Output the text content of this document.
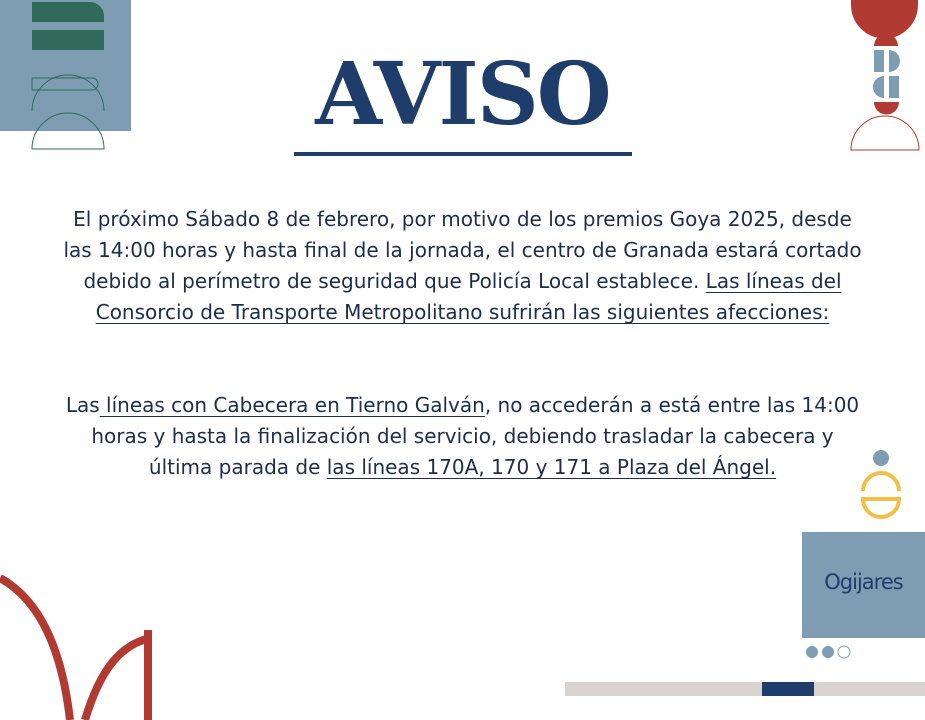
AVISO
El próximo Sábado 8 de febrero, por motivo de los premios Goya 2025, desde las 14:00 horas y hasta final de la jornada, el centro de Granada estará cortado debido al perímetro de seguridad que Policía Local establece. Las líneas del Consorcio de Transporte Metropolitano sufrirán las siguientes afecciones:
Las líneas con Cabecera en Tierno Galván, no accederán a está entre las 14:00 horas y hasta la finalización del servicio, debiendo trasladar la cabecera y última parada de las líneas 170A, 170 y 171 a Plaza del Ángel.
Ogijares
